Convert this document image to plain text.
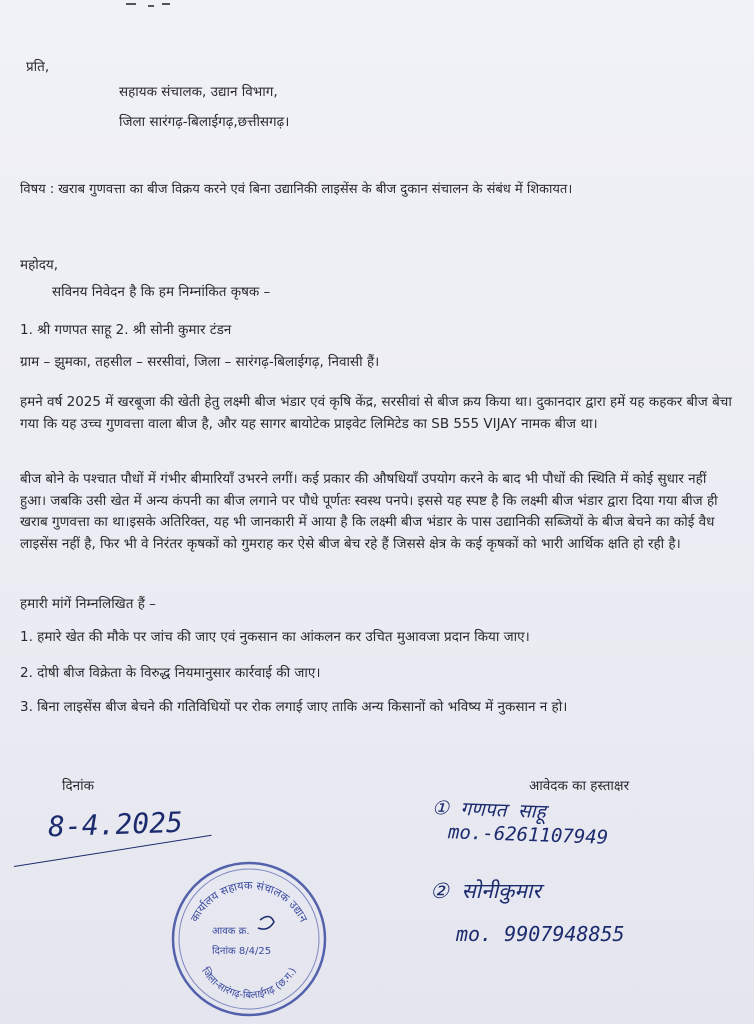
प्रति,
सहायक संचालक, उद्यान विभाग,
जिला सारंगढ़-बिलाईगढ़,छत्तीसगढ़।
विषय : खराब गुणवत्ता का बीज विक्रय करने एवं बिना उद्यानिकी लाइसेंस के बीज दुकान संचालन के संबंध में शिकायत।
महोदय,
सविनय निवेदन है कि हम निम्नांकित कृषक –
1. श्री गणपत साहू 2. श्री सोनी कुमार टंडन
ग्राम – झुमका, तहसील – सरसीवां, जिला – सारंगढ़-बिलाईगढ़, निवासी हैं।
हमने वर्ष 2025 में खरबूजा की खेती हेतु लक्ष्मी बीज भंडार एवं कृषि केंद्र, सरसीवां से बीज क्रय किया था। दुकानदार द्वारा हमें यह कहकर बीज बेचा गया कि यह उच्च गुणवत्ता वाला बीज है, और यह सागर बायोटेक प्राइवेट लिमिटेड का SB 555 VIJAY नामक बीज था।
बीज बोने के पश्चात पौधों में गंभीर बीमारियाँ उभरने लगीं। कई प्रकार की औषधियाँ उपयोग करने के बाद भी पौधों की स्थिति में कोई सुधार नहीं हुआ। जबकि उसी खेत में अन्य कंपनी का बीज लगाने पर पौधे पूर्णतः स्वस्थ पनपे। इससे यह स्पष्ट है कि लक्ष्मी बीज भंडार द्वारा दिया गया बीज ही खराब गुणवत्ता का था।इसके अतिरिक्त, यह भी जानकारी में आया है कि लक्ष्मी बीज भंडार के पास उद्यानिकी सब्जियों के बीज बेचने का कोई वैध लाइसेंस नहीं है, फिर भी वे निरंतर कृषकों को गुमराह कर ऐसे बीज बेच रहे हैं जिससे क्षेत्र के कई कृषकों को भारी आर्थिक क्षति हो रही है।
हमारी मांगें निम्नलिखित हैं –
1. हमारे खेत की मौके पर जांच की जाए एवं नुकसान का आंकलन कर उचित मुआवजा प्रदान किया जाए।
2. दोषी बीज विक्रेता के विरुद्ध नियमानुसार कार्रवाई की जाए।
3. बिना लाइसेंस बीज बेचने की गतिविधियों पर रोक लगाई जाए ताकि अन्य किसानों को भविष्य में नुकसान न हो।
दिनांक	आवेदक का हस्ताक्षर
8-4.2025	① गणपत साहू
mo.-6261107949
② सोनीकुमार
mo. 9907948855
कार्यालय सहायक संचालक उद्यान
जिला-सारंगढ़-बिलाईगढ़ (छ.ग.)
आवक क्र.
दिनांक 8/4/25
